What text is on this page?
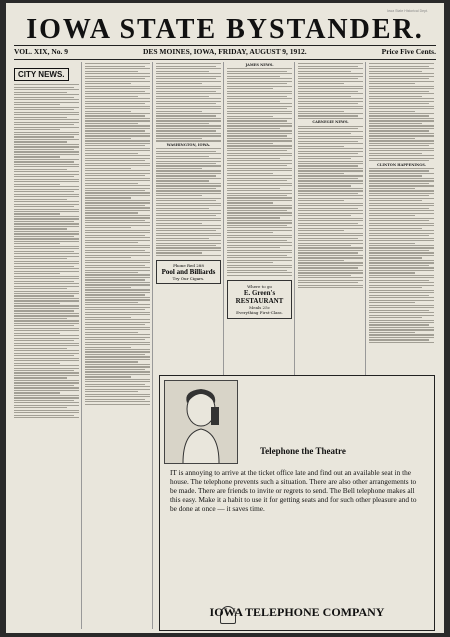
Iowa State Historical Dept.
IOWA STATE BYSTANDER.
VOL. XIX, No. 9	DES MOINES, IOWA, FRIDAY, AUGUST 9, 1912.	Price Five Cents.
CITY NEWS.
WASHINGTON, IOWA.
Phone Red 288
Pool and Billiards
Try Our Cigars.
JAMES NEWS.
Where to go
E. Green's
RESTAURANT
Meals 25c
Everything First-Class.
CARNEGIE NEWS.
CLINTON HAPPENINGS.
Telephone the Theatre
IT is annoying to arrive at the ticket office late and find out an available seat in the house. The telephone prevents such a situation. There are also other arrangements to be made. There are friends to invite or regrets to send. The Bell telephone makes all this easy. Make it a habit to use it for getting seats and for such other pleasure and to be done at once — it saves time.
IOWA TELEPHONE COMPANY
